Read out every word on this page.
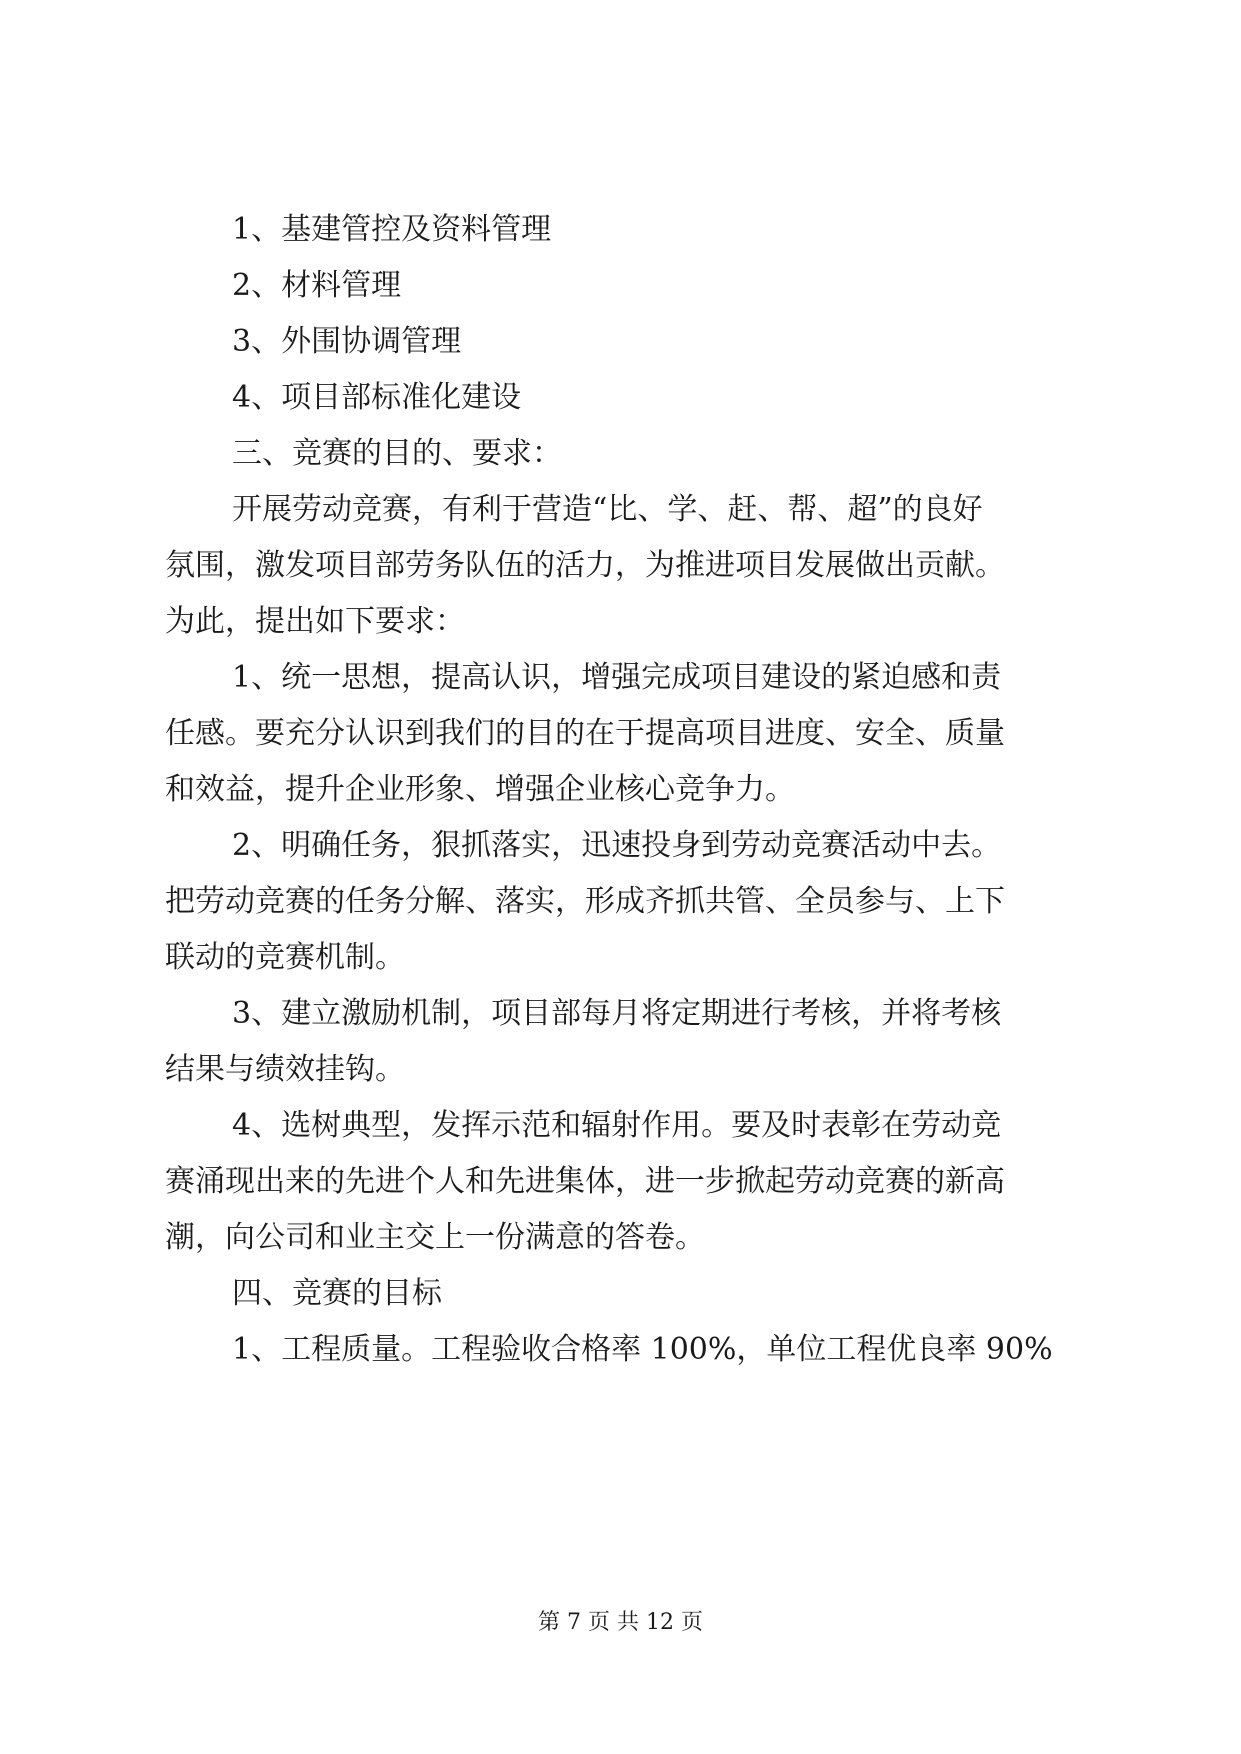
1、基建管控及资料管理
2、材料管理
3、外围协调管理
4、项目部标准化建设
三、竞赛的目的、要求：
开展劳动竞赛，有利于营造“比、学、赶、帮、超”的良好
氛围，激发项目部劳务队伍的活力，为推进项目发展做出贡献。
为此，提出如下要求：
1、统一思想，提高认识，增强完成项目建设的紧迫感和责
任感。要充分认识到我们的目的在于提高项目进度、安全、质量
和效益，提升企业形象、增强企业核心竞争力。
2、明确任务，狠抓落实，迅速投身到劳动竞赛活动中去。
把劳动竞赛的任务分解、落实，形成齐抓共管、全员参与、上下
联动的竞赛机制。
3、建立激励机制，项目部每月将定期进行考核，并将考核
结果与绩效挂钩。
4、选树典型，发挥示范和辐射作用。要及时表彰在劳动竞
赛涌现出来的先进个人和先进集体，进一步掀起劳动竞赛的新高
潮，向公司和业主交上一份满意的答卷。
四、竞赛的目标
1、工程质量。工程验收合格率 100%，单位工程优良率 90%
第 7 页 共 12 页
